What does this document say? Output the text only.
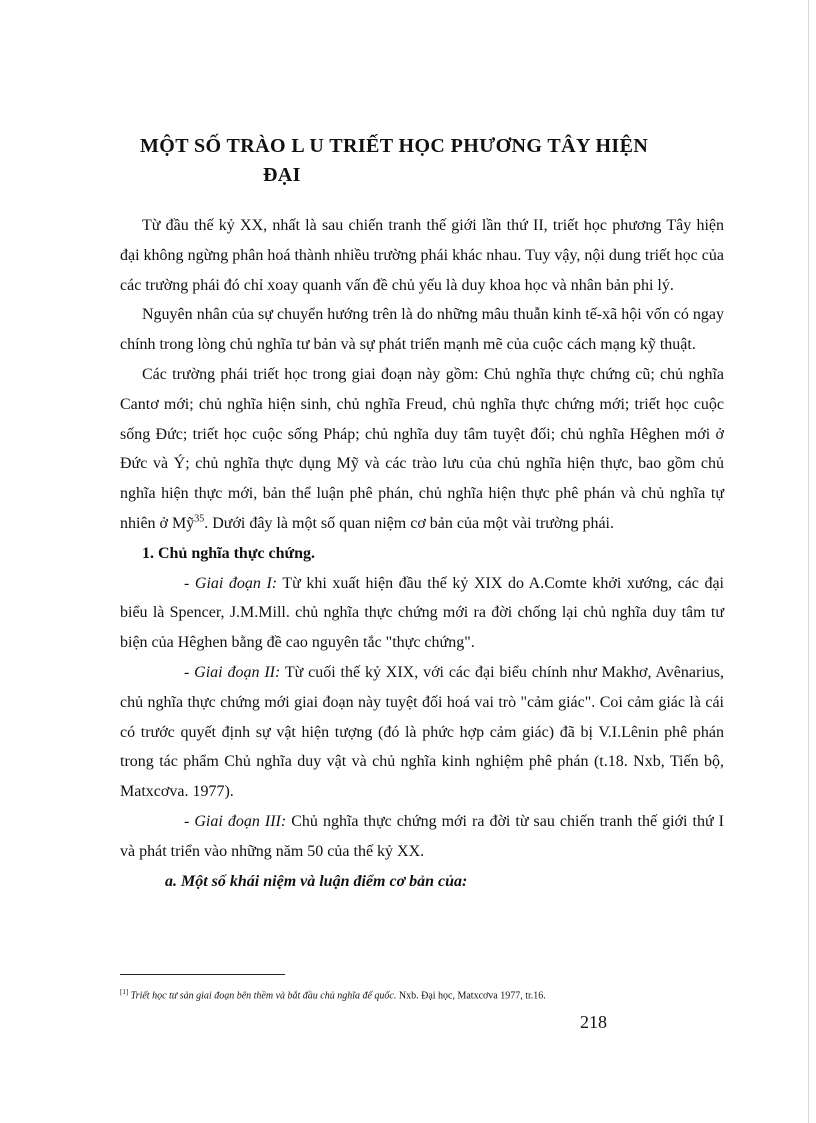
MỘT SỐ TRÀO L U TRIẾT HỌC PHƯƠNG TÂY HIỆN
ĐẠI

Từ đầu thế kỷ XX, nhất là sau chiến tranh thế giới lần thứ II, triết học phương Tây hiện đại không ngừng phân hoá thành nhiều trường phái khác nhau. Tuy vậy, nội dung triết học của các trường phái đó chỉ xoay quanh vấn đề chủ yếu là duy khoa học và nhân bản phi lý.

Nguyên nhân của sự chuyển hướng trên là do những mâu thuẫn kinh tế-xã hội vốn có ngay chính trong lòng chủ nghĩa tư bản và sự phát triển mạnh mẽ của cuộc cách mạng kỹ thuật.

Các trường phái triết học trong giai đoạn này gồm: Chủ nghĩa thực chứng cũ; chủ nghĩa Cantơ mới; chủ nghĩa hiện sinh, chủ nghĩa Freud, chủ nghĩa thực chứng mới; triết học cuộc sống Đức; triết học cuộc sống Pháp; chủ nghĩa duy tâm tuyệt đối; chủ nghĩa Hêghen mới ở Đức và Ý; chủ nghĩa thực dụng Mỹ và các trào lưu của chủ nghĩa hiện thực, bao gồm chủ nghĩa hiện thực mới, bản thể luận phê phán, chủ nghĩa hiện thực phê phán và chủ nghĩa tự nhiên ở Mỹ$^{35}$. Dưới đây là một số quan niệm cơ bản của một vài trường phái.

1. Chủ nghĩa thực chứng.

- Giai đoạn I: Từ khi xuất hiện đầu thế kỷ XIX do A.Comte khởi xướng, các đại biểu là Spencer, J.M.Mill. chủ nghĩa thực chứng mới ra đời chống lại chủ nghĩa duy tâm tư biện của Hêghen bằng đề cao nguyên tắc "thực chứng".

- Giai đoạn II: Từ cuối thế kỷ XIX, với các đại biểu chính như Makhơ, Avênarius, chủ nghĩa thực chứng mới giai đoạn này tuyệt đối hoá vai trò "cảm giác". Coi cảm giác là cái có trước quyết định sự vật hiện tượng (đó là phức hợp cảm giác) đã bị V.I.Lênin phê phán trong tác phẩm Chủ nghĩa duy vật và chủ nghĩa kinh nghiệm phê phán (t.18. Nxb, Tiến bộ, Matxcơva. 1977).

- Giai đoạn III: Chủ nghĩa thực chứng mới ra đời từ sau chiến tranh thế giới thứ I và phát triển vào những năm 50 của thế kỷ XX.

a. Một số khái niệm và luận điểm cơ bản của:

[1] Triết học tư sản giai đoạn bên thềm và bắt đầu chủ nghĩa đế quốc. Nxb. Đại học, Matxcơva 1977, tr.16.
218
